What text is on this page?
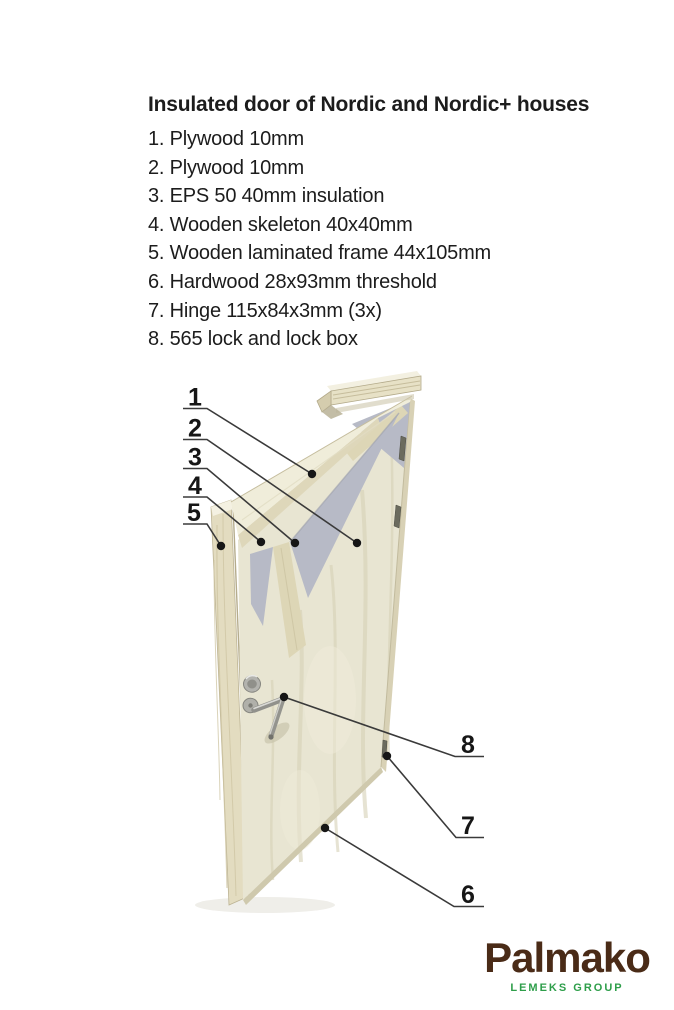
Insulated door of Nordic and Nordic+ houses
1. Plywood 10mm
2. Plywood 10mm
3. EPS 50 40mm insulation
4. Wooden skeleton 40x40mm
5. Wooden laminated frame 44x105mm
6. Hardwood 28x93mm threshold
7. Hinge 115x84x3mm (3x)
8. 565 lock and lock box
1
2
3
4
5
8
7
6
Palmako
LEMEKS GROUP
